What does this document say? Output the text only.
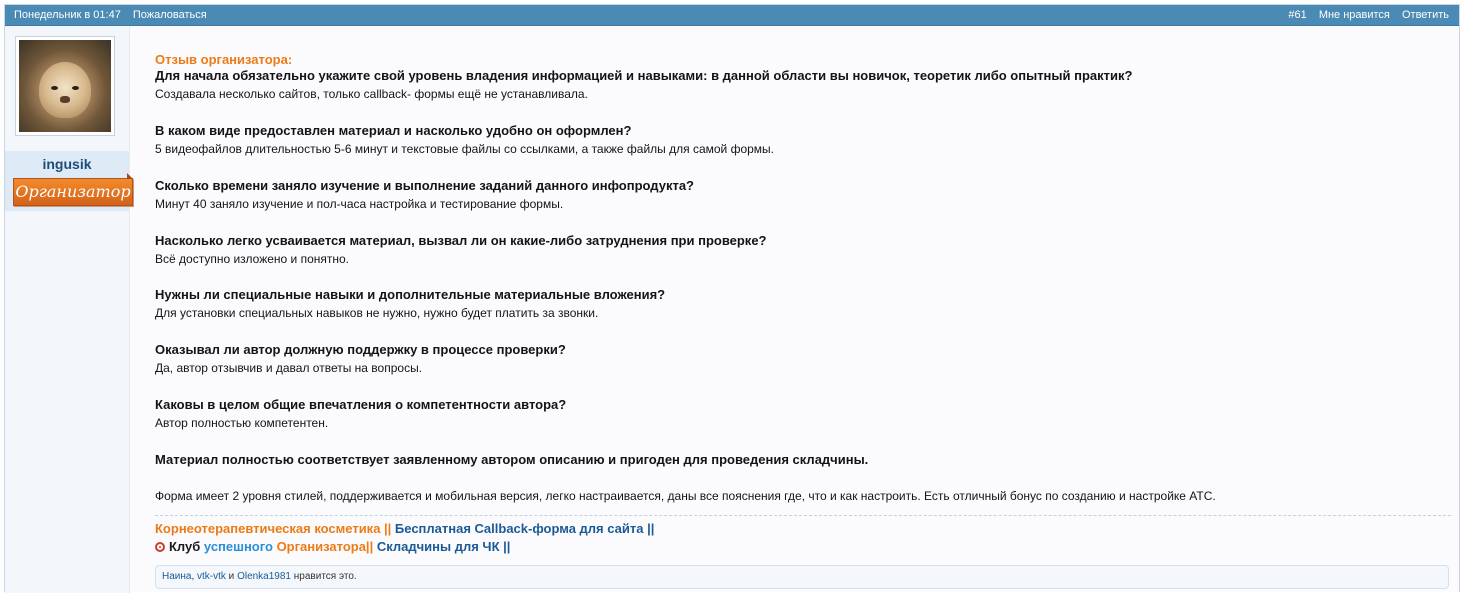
Понедельник в 01:47 Пожаловаться	#61 Мне нравится Ответить
ingusik
Организатор
Отзыв организатора:
Для начала обязательно укажите свой уровень владения информацией и навыками: в данной области вы новичок, теоретик либо опытный практик?
Создавала несколько сайтов, только callback- формы ещё не устанавливала.
В каком виде предоставлен материал и насколько удобно он оформлен?
5 видеофайлов длительностью 5-6 минут и текстовые файлы со ссылками, а также файлы для самой формы.
Сколько времени заняло изучение и выполнение заданий данного инфопродукта?
Минут 40 заняло изучение и пол-часа настройка и тестирование формы.
Насколько легко усваивается материал, вызвал ли он какие-либо затруднения при проверке?
Всё доступно изложено и понятно.
Нужны ли специальные навыки и дополнительные материальные вложения?
Для установки специальных навыков не нужно, нужно будет платить за звонки.
Оказывал ли автор должную поддержку в процессе проверки?
Да, автор отзывчив и давал ответы на вопросы.
Каковы в целом общие впечатления о компетентности автора?
Автор полностью компетентен.
Материал полностью соответствует заявленному автором описанию и пригоден для проведения складчины.
Форма имеет 2 уровня стилей, поддерживается и мобильная версия, легко настраивается, даны все пояснения где, что и как настроить. Есть отличный бонус по созданию и настройке АТС.
Корнеотерапевтическая косметика || Бесплатная Callback-форма для сайта ||
Клуб успешного Организатора|| Складчины для ЧК ||
Наина, vtk-vtk и Olenka1981 нравится это.
